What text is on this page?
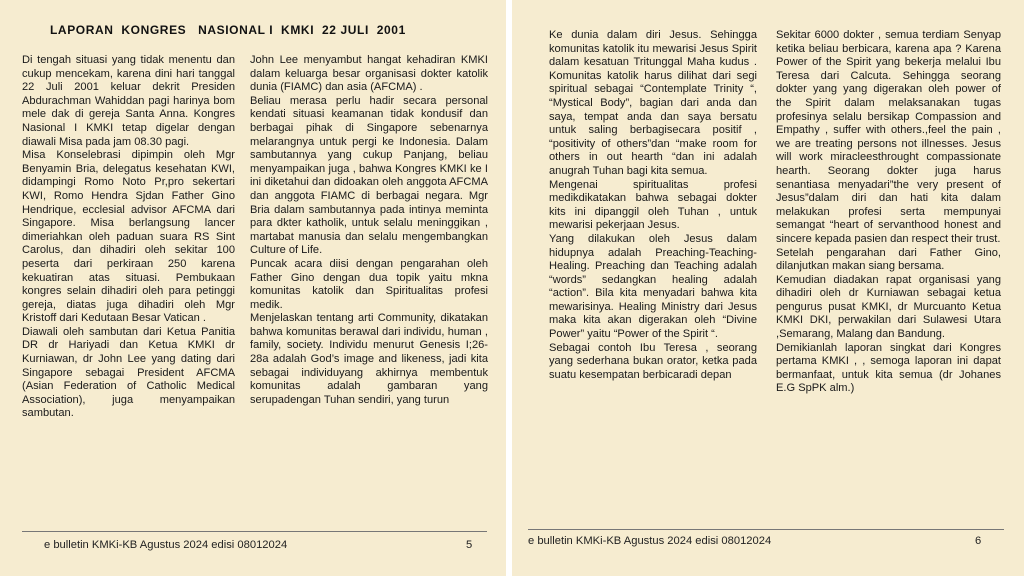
LAPORAN  KONGRES   NASIONAL I  KMKI  22 JULI  2001

Di tengah situasi yang tidak menentu dan cukup mencekam, karena dini hari tanggal 22 Juli 2001 keluar dekrit Presiden Abdurachman Wahiddan pagi harinya bom mele dak di gereja Santa Anna. Kongres Nasional I KMKI tetap digelar dengan diawali Misa pada jam 08.30 pagi.

Misa Konselebrasi dipimpin oleh Mgr Benyamin Bria, delegatus kesehatan KWI, didampingi Romo Noto Pr,pro sekertari KWI, Romo Hendra Sjdan Father Gino Hendrique, ecclesial advisor AFCMA dari Singapore. Misa berlangsung lancer dimeriahkan oleh paduan suara RS Sint Carolus, dan dihadiri oleh sekitar 100 peserta dari perkiraan 250 karena kekuatiran atas situasi. Pembukaan kongres selain dihadiri oleh para petinggi gereja, diatas juga dihadiri oleh Mgr Kristoff dari Kedutaan Besar Vatican .

Diawali oleh sambutan dari Ketua Panitia DR dr Hariyadi dan Ketua KMKI dr Kurniawan, dr John Lee yang dating dari Singapore sebagai President AFCMA (Asian Federation of Catholic Medical Association), juga menyampaikan sambutan.

John Lee menyambut hangat kehadiran KMKI dalam keluarga besar organisasi dokter katolik dunia (FIAMC) dan asia (AFCMA) .

Beliau merasa perlu hadir secara personal kendati situasi keamanan tidak kondusif dan berbagai pihak di Singapore sebenarnya melarangnya untuk pergi ke Indonesia. Dalam sambutannya yang cukup Panjang, beliau menyampaikan juga , bahwa Kongres KMKI ke I ini diketahui dan didoakan oleh anggota AFCMA dan anggota FIAMC di berbagai negara. Mgr Bria dalam sambutannya pada intinya meminta para dkter katholik, untuk selalu meninggikan , martabat manusia dan selalu mengembangkan Culture of Life.

Puncak acara diisi dengan pengarahan oleh Father Gino dengan dua topik yaitu mkna komunitas katolik dan Spiritualitas profesi medik.

Menjelaskan tentang arti Community, dikatakan bahwa komunitas berawal dari individu, human , family, society. Individu menurut Genesis I;26-28a adalah God’s image and likeness, jadi kita sebagai individuyang akhirnya membentuk komunitas adalah gambaran yang serupadengan Tuhan sendiri, yang turun

e bulletin KMKi-KB Agustus 2024 edisi 08012024	5

Ke dunia dalam diri Jesus. Sehingga komunitas katolik itu mewarisi Jesus Spirit dalam kesatuan Tritunggal Maha kudus . Komunitas katolik harus dilihat dari segi spiritual sebagai “Contemplate Trinity “, “Mystical Body”, bagian dari anda dan saya, tempat anda dan saya bersatu untuk saling berbagisecara positif , “positivity of others”dan “make room for others in out hearth “dan ini adalah anugrah Tuhan bagi kita semua.

Mengenai spiritualitas profesi medikdikatakan bahwa sebagai dokter kits ini dipanggil oleh Tuhan , untuk mewarisi pekerjaan Jesus.

Yang dilakukan oleh Jesus dalam hidupnya adalah Preaching-Teaching- Healing. Preaching dan Teaching adalah “words” sedangkan healing adalah “action”. Bila kita menyadari bahwa kita mewarisinya. Healing Ministry dari Jesus maka kita akan digerakan oleh “Divine Power” yaitu “Power of the Spirit “.

Sebagai contoh Ibu Teresa , seorang yang sederhana bukan orator, ketka pada suatu kesempatan berbicaradi depan

Sekitar 6000 dokter , semua terdiam Senyap ketika beliau berbicara, karena apa ? Karena Power of the Spirit yang bekerja melalui Ibu Teresa dari Calcuta. Sehingga seorang dokter yang yang digerakan oleh power of the Spirit dalam melaksanakan tugas profesinya selalu bersikap Compassion and Empathy , suffer with others.,feel the pain , we are treating persons not illnesses. Jesus will work miracleesthrought compassionate hearth. Seorang dokter juga harus senantiasa menyadari”the very present of Jesus”dalam diri dan hati kita dalam melakukan profesi serta mempunyai semangat “heart of servanthood honest and sincere kepada pasien dan respect their trust.

Setelah pengarahan dari Father Gino, dilanjutkan makan siang bersama.

Kemudian diadakan rapat organisasi yang dihadiri oleh dr Kurniawan sebagai ketua pengurus pusat KMKI, dr Murcuanto Ketua KMKI DKI, perwakilan dari Sulawesi Utara ,Semarang, Malang dan Bandung.

Demikianlah laporan singkat dari Kongres pertama KMKI , , semoga laporan ini dapat bermanfaat, untuk kita semua (dr Johanes E.G SpPK alm.)

e bulletin KMKi-KB Agustus 2024 edisi 08012024	6
